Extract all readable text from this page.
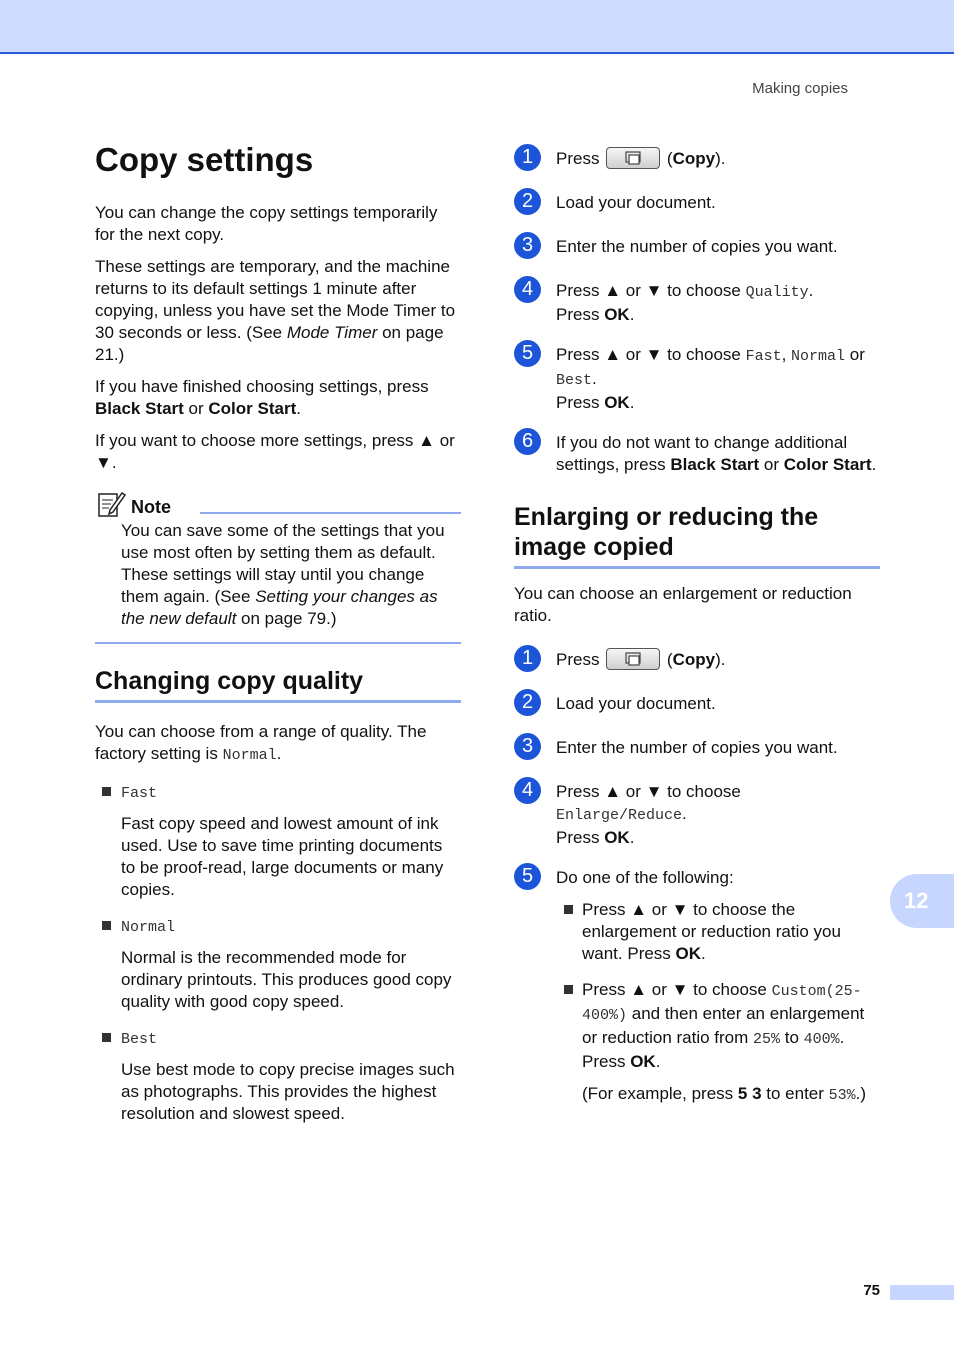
Making copies
Copy settings

You can change the copy settings temporarily for the next copy.

These settings are temporary, and the machine returns to its default settings 1 minute after copying, unless you have set the Mode Timer to 30 seconds or less. (See Mode Timer on page 21.)

If you have finished choosing settings, press Black Start or Color Start.

If you want to choose more settings, press ▲ or ▼.

Note
You can save some of the settings that you use most often by setting them as default. These settings will stay until you change them again. (See Setting your changes as the new default on page 79.)
Changing copy quality

You can choose from a range of quality. The factory setting is Normal.

Fast
Fast copy speed and lowest amount of ink used. Use to save time printing documents to be proof-read, large documents or many copies.
Normal
Normal is the recommended mode for ordinary printouts. This produces good copy quality with good copy speed.
Best
Use best mode to copy precise images such as photographs. This provides the highest resolution and slowest speed.
1	Press	(Copy).
2	Load your document.
3	Enter the number of copies you want.
4	Press ▲ or ▼ to choose Quality.
Press OK.
5	Press ▲ or ▼ to choose Fast, Normal or Best.
Press OK.
6	If you do not want to change additional settings, press Black Start or Color Start.
Enlarging or reducing the image copied

You can choose an enlargement or reduction ratio.

1	Press	(Copy).
2	Load your document.
3	Enter the number of copies you want.
4	Press ▲ or ▼ to choose
Enlarge/Reduce.
Press OK.
5	Do one of the following:
Press ▲ or ▼ to choose the enlargement or reduction ratio you want. Press OK.
Press ▲ or ▼ to choose Custom(25-400%) and then enter an enlargement or reduction ratio from 25% to 400%. Press OK.
(For example, press 5 3 to enter 53%.)
12
75
